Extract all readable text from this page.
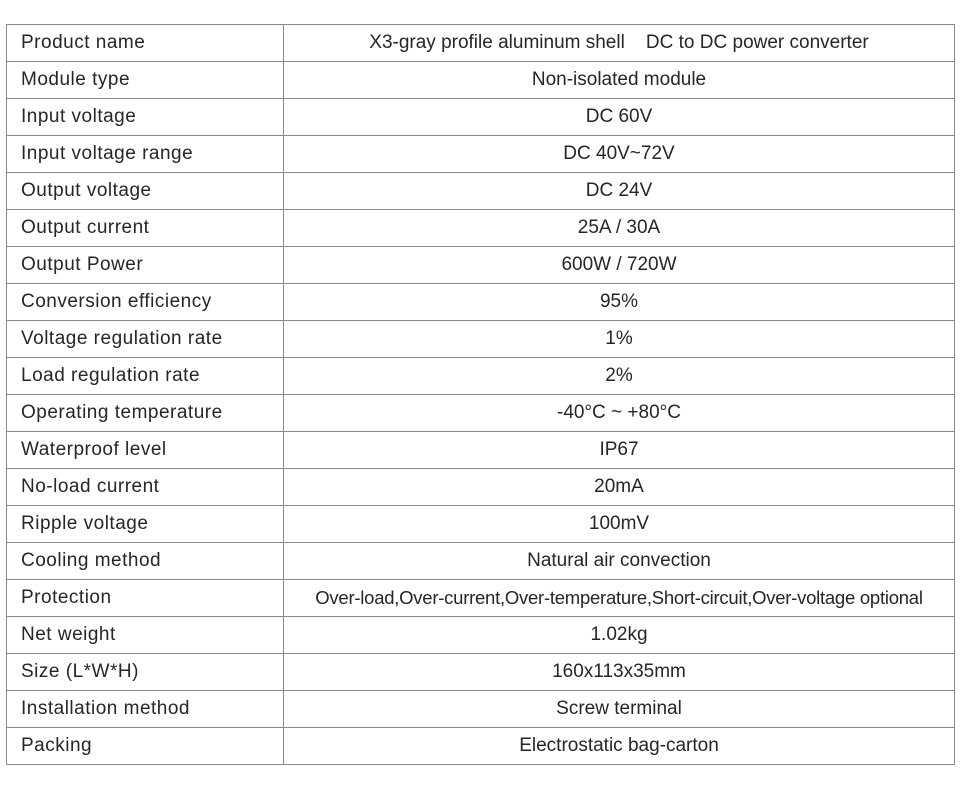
Product name	X3-gray profile aluminum shell    DC to DC power converter
Module type	Non-isolated module
Input voltage	DC 60V
Input voltage range	DC 40V~72V
Output voltage	DC 24V
Output current	25A / 30A
Output Power	600W / 720W
Conversion efficiency	95%
Voltage regulation rate	1%
Load regulation rate	2%
Operating temperature	-40°C ~ +80°C
Waterproof level	IP67
No-load current	20mA
Ripple voltage	100mV
Cooling method	Natural air convection
Protection	Over-load,Over-current,Over-temperature,Short-circuit,Over-voltage optional
Net weight	1.02kg
Size (L*W*H)	160x113x35mm
Installation method	Screw terminal
Packing	Electrostatic bag-carton
